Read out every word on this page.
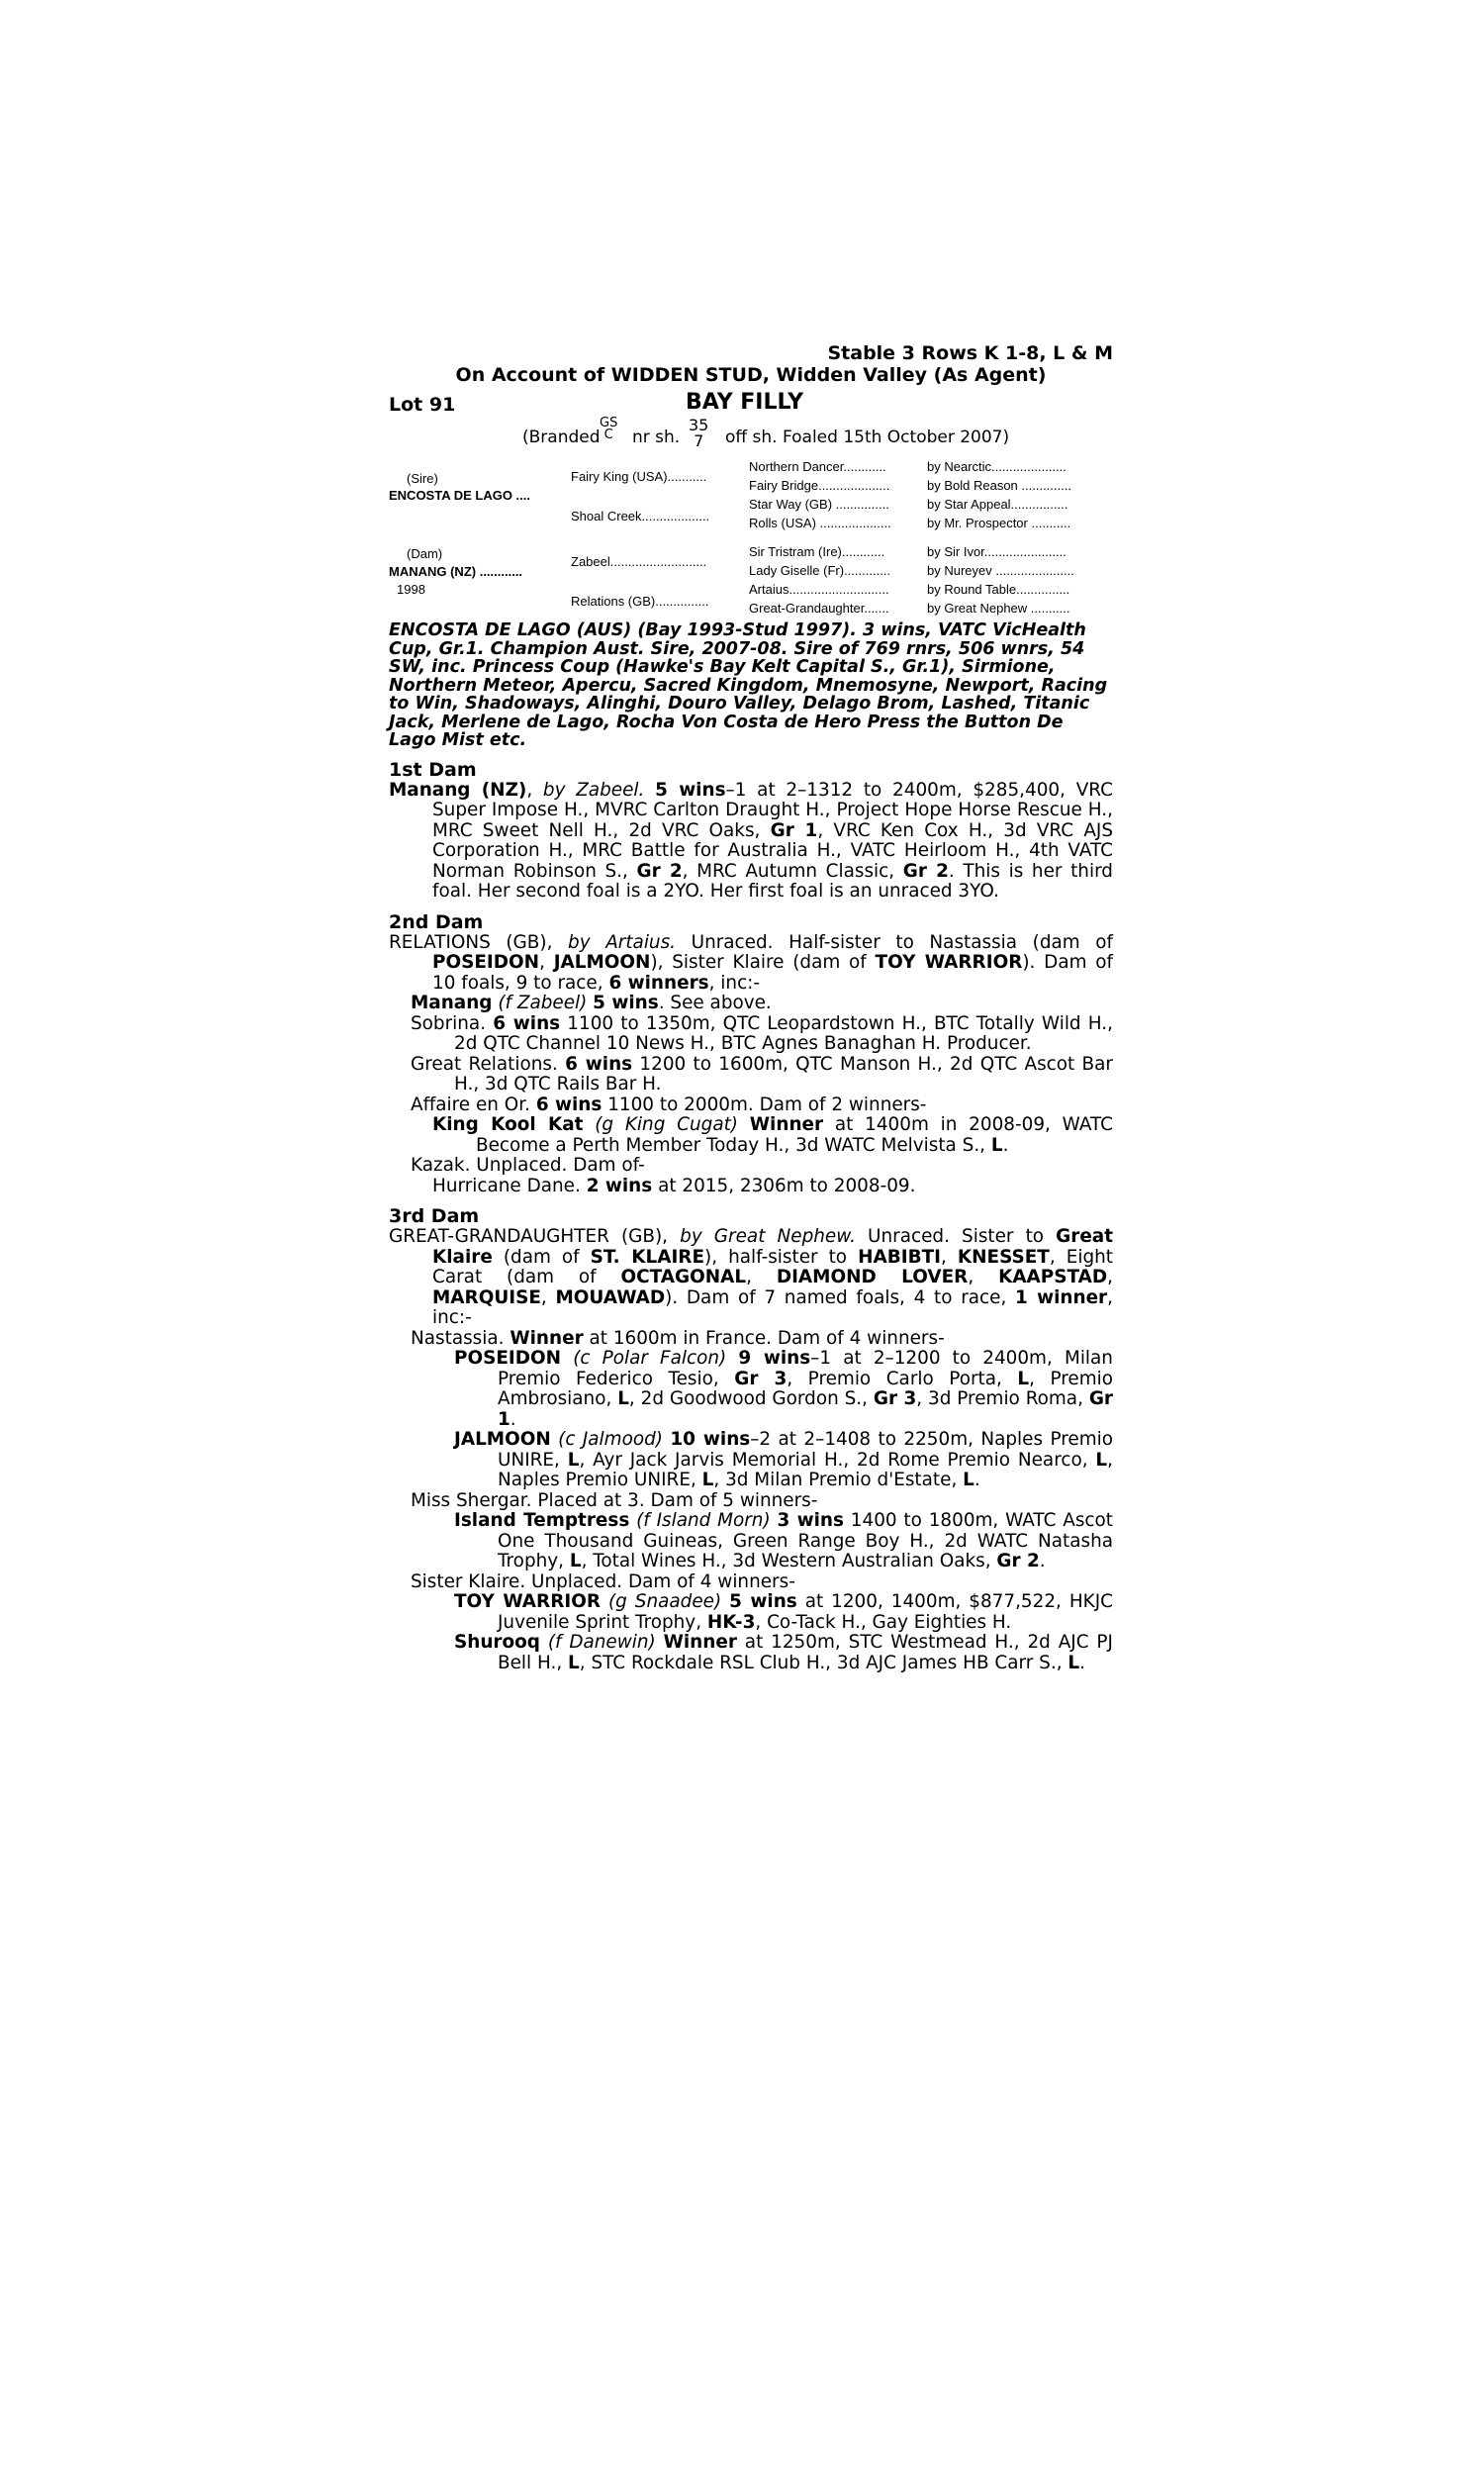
Stable 3 Rows K 1-8, L & M
On Account of WIDDEN STUD, Widden Valley (As Agent)
Lot 91	BAY FILLY
(Branded
GS
C nr sh.
35
7 off sh. Foaled 15th October 2007)
(Sire)
ENCOSTA DE LAGO ....
(Dam)
MANANG (NZ) ............
1998
Fairy King (USA)...........
Shoal Creek...................
Zabeel...........................
Relations (GB)...............
Northern Dancer............
Fairy Bridge....................
Star Way (GB) ...............
Rolls (USA) ....................
Sir Tristram (Ire)............
Lady Giselle (Fr).............
Artaius............................
Great-Grandaughter.......
by Nearctic.....................
by Bold Reason ..............
by Star Appeal................
by Mr. Prospector ...........
by Sir Ivor.......................
by Nureyev ......................
by Round Table...............
by Great Nephew ...........
ENCOSTA DE LAGO (AUS) (Bay 1993-Stud 1997). 3 wins, VATC VicHealth Cup, Gr.1. Champion Aust. Sire, 2007-08. Sire of 769 rnrs, 506 wnrs, 54 SW, inc. Princess Coup (Hawke's Bay Kelt Capital S., Gr.1), Sirmione, Northern Meteor, Apercu, Sacred Kingdom, Mnemosyne, Newport, Racing to Win, Shadoways, Alinghi, Douro Valley, Delago Brom, Lashed, Titanic Jack, Merlene de Lago, Rocha Von Costa de Hero Press the Button De Lago Mist etc.
1st Dam
Manang (NZ), by Zabeel. 5 wins–1 at 2–1312 to 2400m, $285,400, VRC Super Impose H., MVRC Carlton Draught H., Project Hope Horse Rescue H., MRC Sweet Nell H., 2d VRC Oaks, Gr 1, VRC Ken Cox H., 3d VRC AJS Corporation H., MRC Battle for Australia H., VATC Heirloom H., 4th VATC Norman Robinson S., Gr 2, MRC Autumn Classic, Gr 2. This is her third foal. Her second foal is a 2YO. Her first foal is an unraced 3YO.
2nd Dam
RELATIONS (GB), by Artaius. Unraced. Half-sister to Nastassia (dam of POSEIDON, JALMOON), Sister Klaire (dam of TOY WARRIOR). Dam of 10 foals, 9 to race, 6 winners, inc:-
Manang (f Zabeel) 5 wins. See above.
Sobrina. 6 wins 1100 to 1350m, QTC Leopardstown H., BTC Totally Wild H., 2d QTC Channel 10 News H., BTC Agnes Banaghan H. Producer.
Great Relations. 6 wins 1200 to 1600m, QTC Manson H., 2d QTC Ascot Bar H., 3d QTC Rails Bar H.
Affaire en Or. 6 wins 1100 to 2000m. Dam of 2 winners-
King Kool Kat (g King Cugat) Winner at 1400m in 2008-09, WATC Become a Perth Member Today H., 3d WATC Melvista S., L.
Kazak. Unplaced. Dam of-
Hurricane Dane. 2 wins at 2015, 2306m to 2008-09.
3rd Dam
GREAT-GRANDAUGHTER (GB), by Great Nephew. Unraced. Sister to Great Klaire (dam of ST. KLAIRE), half-sister to HABIBTI, KNESSET, Eight Carat (dam of OCTAGONAL, DIAMOND LOVER, KAAPSTAD, MARQUISE, MOUAWAD). Dam of 7 named foals, 4 to race, 1 winner, inc:-
Nastassia. Winner at 1600m in France. Dam of 4 winners-
POSEIDON (c Polar Falcon) 9 wins–1 at 2–1200 to 2400m, Milan Premio Federico Tesio, Gr 3, Premio Carlo Porta, L, Premio Ambrosiano, L, 2d Goodwood Gordon S., Gr 3, 3d Premio Roma, Gr 1.
JALMOON (c Jalmood) 10 wins–2 at 2–1408 to 2250m, Naples Premio UNIRE, L, Ayr Jack Jarvis Memorial H., 2d Rome Premio Nearco, L, Naples Premio UNIRE, L, 3d Milan Premio d'Estate, L.
Miss Shergar. Placed at 3. Dam of 5 winners-
Island Temptress (f Island Morn) 3 wins 1400 to 1800m, WATC Ascot One Thousand Guineas, Green Range Boy H., 2d WATC Natasha Trophy, L, Total Wines H., 3d Western Australian Oaks, Gr 2.
Sister Klaire. Unplaced. Dam of 4 winners-
TOY WARRIOR (g Snaadee) 5 wins at 1200, 1400m, $877,522, HKJC Juvenile Sprint Trophy, HK-3, Co-Tack H., Gay Eighties H.
Shurooq (f Danewin) Winner at 1250m, STC Westmead H., 2d AJC PJ Bell H., L, STC Rockdale RSL Club H., 3d AJC James HB Carr S., L.
